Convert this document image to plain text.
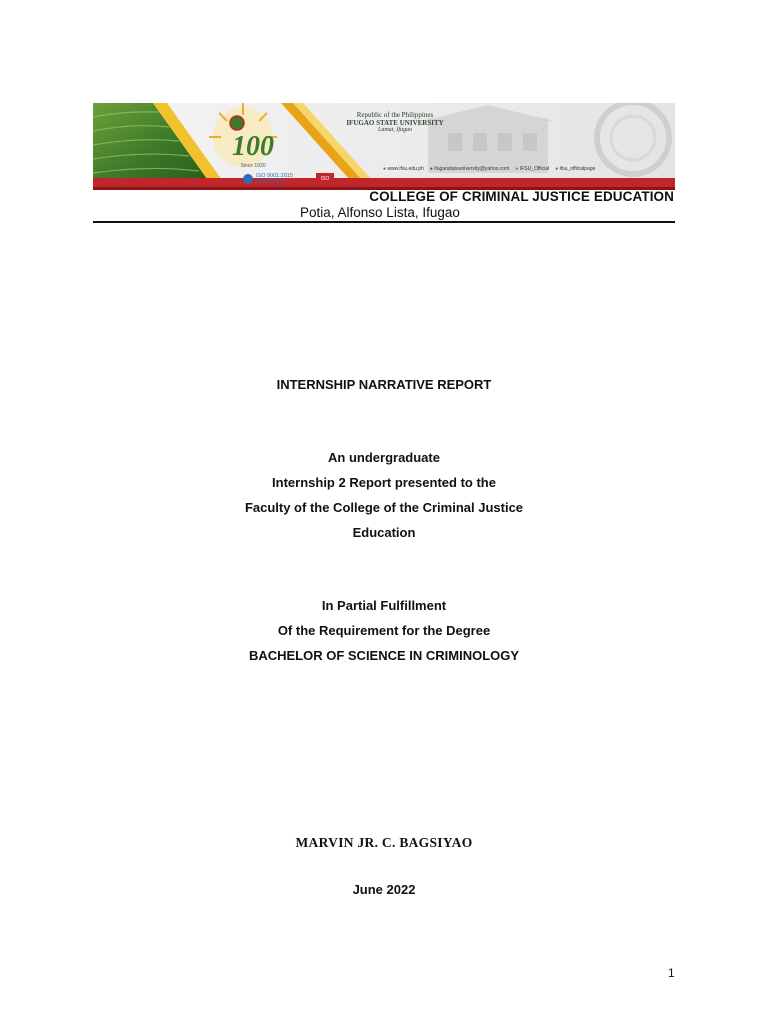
100
Since 1920
ISO 9001:2015
CERTIFIED	ISO
Republic of the Philippines
IFUGAO STATE UNIVERSITY
Lamut, Ifugao
● www.ifsu.edu.ph ● ifugaostateuniversity@yahoo.com ● IFSU_Official ● ifsu_officialpage
COLLEGE OF CRIMINAL JUSTICE EDUCATION
Potia, Alfonso Lista, Ifugao
INTERNSHIP NARRATIVE REPORT
An undergraduate
Internship 2 Report presented to the
Faculty of the College of the Criminal Justice
Education
In Partial Fulfillment
Of the Requirement for the Degree
BACHELOR OF SCIENCE IN CRIMINOLOGY
MARVIN JR. C. BAGSIYAO
June 2022
1
